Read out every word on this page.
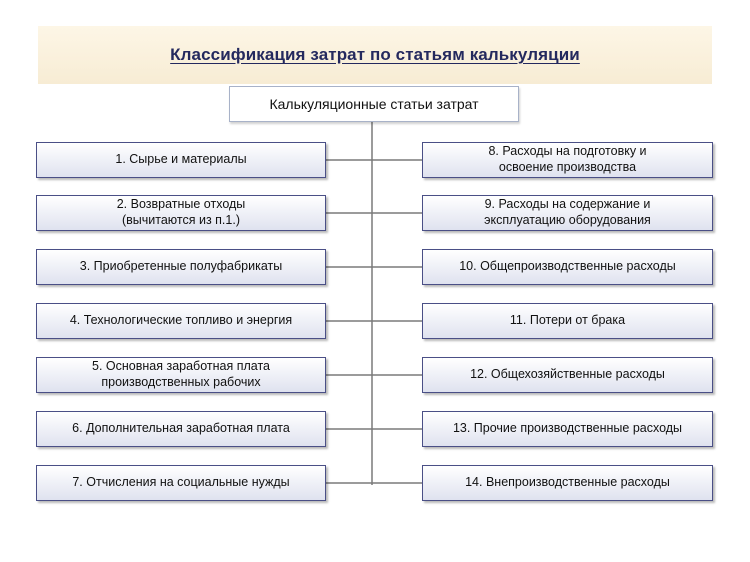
Классификация затрат по статьям калькуляции
Калькуляционные статьи затрат
1. Сырье и материалы
2. Возвратные отходы
(вычитаются из п.1.)
3. Приобретенные полуфабрикаты
4. Технологические топливо и энергия
5. Основная заработная плата
производственных рабочих
6. Дополнительная заработная плата
7. Отчисления на социальные нужды
8. Расходы на подготовку и
освоение производства
9. Расходы на содержание и
эксплуатацию оборудования
10. Общепроизводственные расходы
11. Потери от брака
12. Общехозяйственные расходы
13. Прочие производственные расходы
14. Внепроизводственные расходы
